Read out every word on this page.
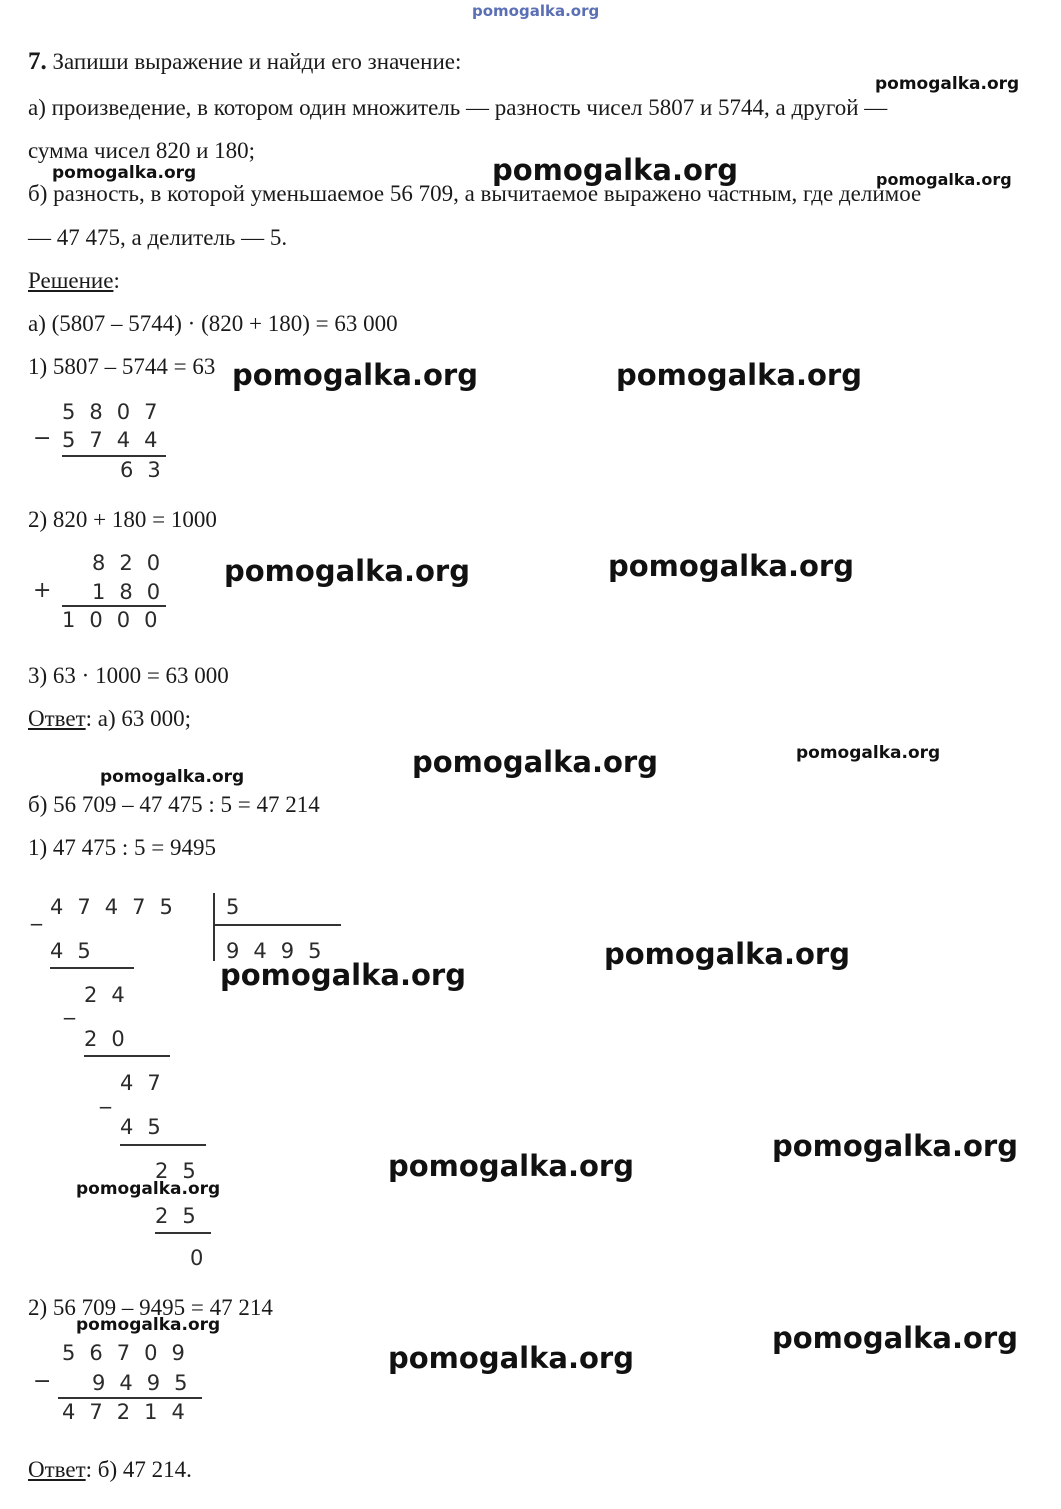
pomogalka.org
7. Запиши выражение и найди его значение:
а) произведение, в котором один множитель — разность чисел 5807 и 5744, а другой —
сумма чисел 820 и 180;
б) разность, в которой уменьшаемое 56 709, а вычитаемое выражено частным, где делимое
— 47 475, а делитель — 5.
Решение:
а) (5807 – 5744) · (820 + 180) = 63 000
1) 5807 – 5744 = 63
5807
− 5744
63
2) 820 + 180 = 1000
820
+ 180
1000
3) 63 · 1000 = 63 000
Ответ: а) 63 000;
б) 56 709 – 47 475 : 5 = 47 214
1) 47 475 : 5 = 9495
_ 47475 5
9495
45
24
_
20
47
_
45
25
25
0
2) 56 709 – 9495 = 47 214
56709
− 9495
47214
Ответ: б) 47 214.
pomogalka.org
pomogalka.org	pomogalka.org	pomogalka.org
pomogalka.org	pomogalka.org
pomogalka.org	pomogalka.org
pomogalka.org	pomogalka.org
pomogalka.org
pomogalka.org
pomogalka.org
pomogalka.org
pomogalka.org
pomogalka.org
pomogalka.org	pomogalka.org
pomogalka.org
